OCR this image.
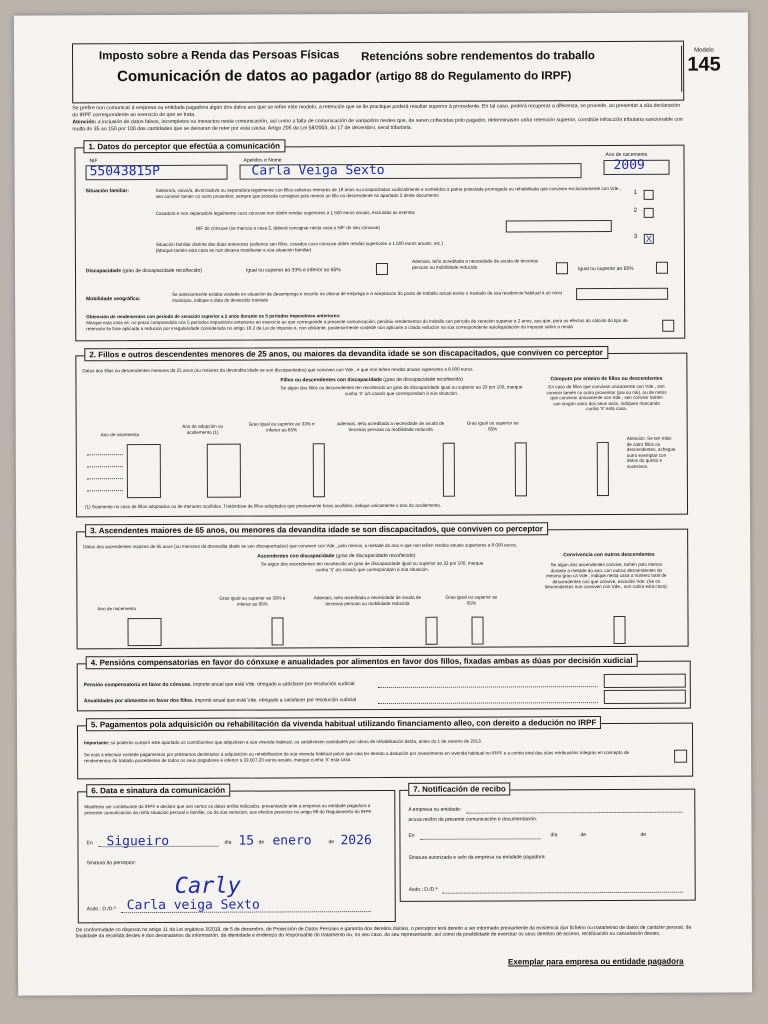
Imposto sobre a Renda das Persoas Físicas Retencións sobre rendementos do traballo
Comunicación de datos ao pagador (artigo 88 do Regulamento do IRPF)
Modelo
145
Se prefire non comunicar á empresa ou entidade pagadora algún dos datos aos que se refire este modelo, a retención que se lle practique poderá resultar superior á procedente. En tal caso, poderá recuperar a diferenza, se procede, ao presentar a súa declaración do IRPF correspondente ao exercicio de que se trata.
Atención: a inclusión de datos falsos, incompletos ou inexactos nesta comunicación, así como a falta de comunicación de variacións nestes que, de seren coñecidas polo pagador, determinasen unha retención superior, constitúe infracción tributaria sancionable con multa do 35 ao 150 por 100 das cantidades que se deixaran de reter por esta causa. Artigo 205 da Lei 58/2003, do 17 de decembro, xeral tributaria.
1. Datos do perceptor que efectúa a comunicación
NIF
55043815P
Apelidos e Nome
Carla Veiga Sexto
Ano de nacemento
2009
Situación familiar:	Solteiro/a, viúvo/a, divorciado/a ou separado/a legalmente con fillos solteiros menores de 18 anos ou incapacitados xudicialmente e sometidos a patria potestade prorrogada ou rehabilitada que conviven exclusivamente con Vde., sen convivir tamén co outro proxenitor, sempre que proceda consignar polo menos un fillo ou descendente no apartado 2 deste documento	1
Casado/a e non separado/a legalmente cuxo cónxuxe non obtén rendas superiores a 1.500 euros anuais, excluídas as exentas	2
NIF do cónxuxe (se marcou a casa 2, deberá consignar nesta casa o NIF do seu cónxuxe)
Situación familiar distinta das dúas anteriores (solteiros sen fillos, casados cuxo cónxuxe obtén rendas superiores a 1.500 euros anuais, etc.)
(Marque tamén esta casa se non desexa manifestar a súa situación familiar)
X
3
Discapacidade (grao de discapacidade recoñecido)	Igual ou superior ao 33% e inferior ao 65%
Ademais, teño acreditada a necesidade de axuda de terceiras persoas ou mobilidade reducida	Igual ou superior ao 65%
Mobilidade xeográfica:
Se anteriormente estaba vostede en situación de desemprego e inscrito na oficina de emprego e a aceptación do posto de traballo actual esixiu o traslado da súa residencia habitual a un novo municipio, indique a data do devandito traslado
Obtención de rendementos con período de xeración superior a 2 anos durante os 5 períodos impositivos anteriores:
Marque esta casa se, no prazo comprendido nos 5 períodos impositivos anteriores ao exercicio ao que corresponde a presente comunicación, percibiu rendementos do traballo con período de xeración superior a 2 anos, aos que, para os efectos do cálculo do tipo de retención lle fose aplicada a redución por irregularidade considerada no artigo 18.2 da Lei do imposto e, non obstante, posteriormente vostede non aplicase a citada redución na súa correspondente autoliquidación do imposto sobre a renda
2. Fillos e outros descendentes menores de 25 anos, ou maiores da devandita idade se son discapacitados, que conviven co perceptor
Datos dos fillos ou descendentes menores de 25 anos (ou maiores da devandita idade se son discapacitados) que conviven con Vde., e que non teñen rendas anuais superiores a 8.000 euros.
Fillos ou descendentes con discapacidade (grao de discapacidade recoñecido)
Se algún dos fillos ou descendentes ten recoñecido un grao de discapacidade igual ou superior ao 33 por 100, marque cunha 'X' a/s casa/s que corresponda/n á súa situación.
Cómputo por enteiro de fillos ou descendentes
En caso de fillos que convivan unicamente con Vde., sen convivir tamén co outro proxenitor (pai ou nai), ou de netos que convivan unicamente con Vde., sen convivir tamén con ningún outro dos seus avós, indíqueo marcando cunha 'X' esta casa.
Ano de nacemento
Ano de adopción ou acollemento (1)
Grao igual ou superior ao 33% e inferior ao 65%
Ademais, teño acreditada a necesidade de axuda de terceiras persoas ou mobilidade reducida
Grao igual ou superior ao 65%
Atención: Se ten máis de catro fillos ou descendentes, achegue outro exemplar con datos do quinto e sucesivos.
(1) Soamente no caso de fillos adoptados ou de menores acollidos. Tratándose de fillos adoptados que previamente foran acollidos, indique unicamente o ano do acollemento.
3. Ascendentes maiores de 65 anos, ou menores da devandita idade se son discapacitados, que conviven co perceptor
Datos dos ascendentes maiores de 65 anos (ou menores da devandita idade se son discapacitados) que conviven con Vde., polo menos, a metade do ano e que non teñen rendas anuais superiores a 8.000 euros.
Ascendentes con discapacidade (grao de discapacidade recoñecido)
Se algún dos ascendentes ten recoñecido un grao de discapacidade igual ou superior ao 33 por 100, marque cunha 'X' a/s casa/s que corresponda/n á súa situación.
Convivencia con outros descendentes
Se algún dos ascendentes convive, tamén polo menos durante a metade do ano, con outros descendentes do mesmo grao ca Vde., indique nesta casa o número total de descendentes cos que convive, excluído Vde. (Se os descendentes non conviven con Vde., non cubra esta casa).
Ano de nacemento
Grao igual ou superior ao 33% e inferior ao 65%
Ademais, teño acreditada a necesidade de axuda de terceiras persoas ou mobilidade reducida
Grao igual ou superior ao 65%
4. Pensións compensatorias en favor do cónxuxe e anualidades por alimentos en favor dos fillos, fixadas ambas as dúas por decisión xudicial
Pensión compensatoria en favor do cónxuxe. Importe anual que está Vde. obrigado a satisfacer por resolución xudicial
Anualidades por alimentos en favor dos fillos. Importe anual que está Vde. obrigado a satisfacer por resolución xudicial
5. Pagamentos pola adquisición ou rehabilitación da vivenda habitual utilizando financiamento alleo, con dereito a dedución no IRPF
Importante: só poderán cumprir este apartado os contribuíntes que adquirisen a súa vivenda habitual, ou satisfixesen cantidades por obras de rehabilitación desta, antes do 1 de xaneiro de 2013.
Se está a efectuar vostede pagamentos por préstamos destinados á adquisición ou rehabilitación da súa vivenda habitual polos que vaia ter dereito a dedución por investimento en vivenda habitual no IRPF e a contía total das súas retribucións íntegras en concepto de rendementos do traballo procedentes de todos os seus pagadores é inferior a 33.007,20 euros anuais, marque cunha 'X' esta casa
6. Data e sinatura da comunicación
Manifesto ser contribuínte do IRPF e declaro que son certos os datos arriba indicados, presentando ante a empresa ou entidade pagadora a presente comunicación da miña situación persoal e familiar, ou da súa variación, aos efectos previstos no artigo 88 do Regulamento do IRPF.
En Sigueiro	día 15 de enero	de 2026
Sinatura do perceptor:
Carly
Asdo.: D./D.ª Carla veiga Sexto
7. Notificación de recibo
A empresa ou entidade:
acusa recibo da presente comunicación e documentación.
En	día	de	de
Sinatura autorizada e selo da empresa ou entidade pagadora:
Asdo.: D./D.ª
De conformidade co disposto no artigo 11 da Lei orgánica 3/2018, de 5 de decembro, de Protección de Datos Persoais e garantía dos dereitos dixitais, o perceptor terá dereito a ser informado previamente da existencia dun ficheiro ou tratamento de datos de carácter persoal, da finalidade da recollida destes e dos destinatarios da información, da identidade e enderezo do responsable do tratamento ou, no seu caso, do seu representante, así como da posibilidade de exercitar os seus dereitos de acceso, rectificación ou cancelación destes.
Exemplar para empresa ou entidade pagadora
